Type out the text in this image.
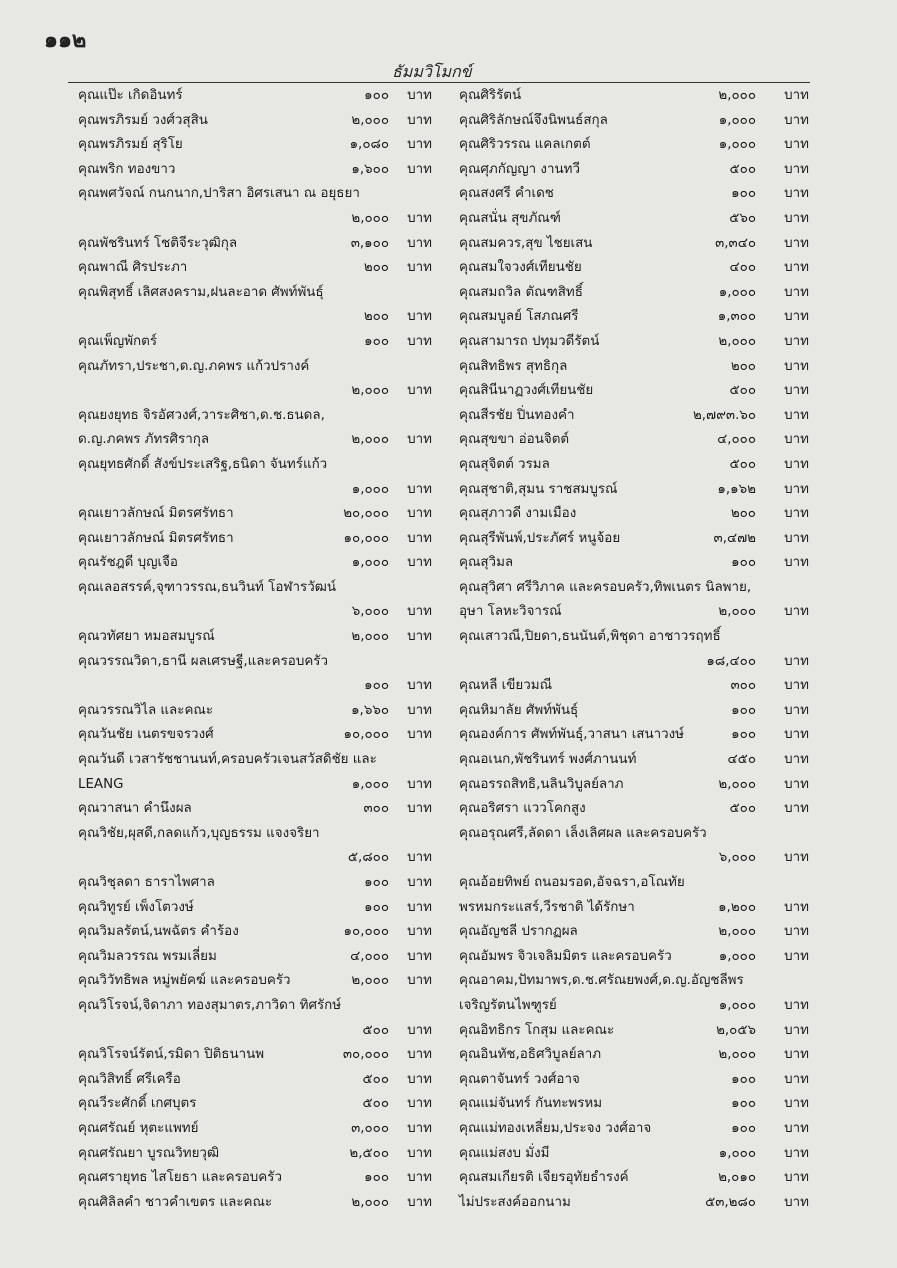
๑๑๒
ธัมมวิโมกข์
คุณแป๊ะ เกิดอินทร์	๑๐๐ บาท
คุณพรภิรมย์ วงศ์วสุสิน	๒,๐๐๐ บาท
คุณพรภิรมย์ สุริโย	๑,๐๘๐ บาท
คุณพริก ทองขาว	๑,๖๐๐ บาท
คุณพศวัจณ์ กนกนาก,ปาริสา อิศรเสนา ณ อยุธยา
๒,๐๐๐ บาท
คุณพัชรินทร์ โชติจีระวุฒิกุล	๓,๑๐๐ บาท
คุณพาณี ศิรประภา	๒๐๐ บาท
คุณพิสุทธิ์ เลิศสงคราม,ฝนละอาด ศัพท์พันธุ์
๒๐๐ บาท
คุณเพ็ญพักตร์	๑๐๐ บาท
คุณภัทรา,ประชา,ด.ญ.ภคพร แก้วปรางค์
๒,๐๐๐ บาท
คุณยงยุทธ จิรอัศวงศ์,วาระศิชา,ด.ช.ธนดล,
ด.ญ.ภคพร ภัทรศิรากุล	๒,๐๐๐ บาท
คุณยุทธศักดิ์ สังข์ประเสริฐ,ธนิดา จันทร์แก้ว
๑,๐๐๐ บาท
คุณเยาวลักษณ์ มิตรศรัทธา	๒๐,๐๐๐ บาท
คุณเยาวลักษณ์ มิตรศรัทธา	๑๐,๐๐๐ บาท
คุณรัชฎดี บุญเจือ	๑,๐๐๐ บาท
คุณเลอสรรค์,จุฑาวรรณ,ธนวินท์ โอฬารวัฒน์
๖,๐๐๐ บาท
คุณวทัศยา หมอสมบูรณ์	๒,๐๐๐ บาท
คุณวรรณวิดา,ธานี ผลเศรษฐี,และครอบครัว
๑๐๐ บาท
คุณวรรณวิไล และคณะ	๑,๖๖๐ บาท
คุณวันชัย เนตรขจรวงศ์	๑๐,๐๐๐ บาท
คุณวันดี เวสารัชชานนท์,ครอบครัวเจนสวัสดิชัย และ
LEANG	๑,๐๐๐ บาท
คุณวาสนา คำนึงผล	๓๐๐ บาท
คุณวิชัย,ผุสดี,กลดแก้ว,บุญธรรม แจงจริยา
๕,๘๐๐ บาท
คุณวิชุลดา ธาราไพศาล	๑๐๐ บาท
คุณวิทูรย์ เพ็งโตวงษ์	๑๐๐ บาท
คุณวิมลรัตน์,นพฉัตร คำร้อง	๑๐,๐๐๐ บาท
คุณวิมลวรรณ พรมเลี่ยม	๔,๐๐๐ บาท
คุณวิวัทธิพล หมู่พยัคฆ์ และครอบครัว	๒,๐๐๐ บาท
คุณวิโรจน์,จิดาภา ทองสุมาตร,ภาวิดา ทิศรักษ์
๕๐๐ บาท
คุณวิโรจน์รัตน์,รมิดา ปิติธนานพ	๓๐,๐๐๐ บาท
คุณวิสิทธิ์ ศรีเครือ	๕๐๐ บาท
คุณวีระศักดิ์ เกศบุตร	๕๐๐ บาท
คุณศรัณย์ หุตะแพทย์	๓,๐๐๐ บาท
คุณศรัณยา บูรณวิทยวุฒิ	๒,๕๐๐ บาท
คุณศรายุทธ ไสโยธา และครอบครัว	๑๐๐ บาท
คุณศิลิลคำ ชาวคำเขตร และคณะ	๒,๐๐๐ บาท
คุณศิริรัตน์	๒,๐๐๐ บาท
คุณศิริลักษณ์จึงนิพนธ์สกุล	๑,๐๐๐ บาท
คุณศิริวรรณ แคลเกตต์	๑,๐๐๐ บาท
คุณศุภกัญญา งานทวี	๕๐๐ บาท
คุณสงศรี คำเดช	๑๐๐ บาท
คุณสนั่น สุขภัณฑ์	๕๖๐ บาท
คุณสมควร,สุข ไชยเสน	๓,๓๔๐ บาท
คุณสมใจวงศ์เทียนชัย	๔๐๐ บาท
คุณสมถวิล ตัณฑสิทธิ์	๑,๐๐๐ บาท
คุณสมบูลย์ โสภณศรี	๑,๓๐๐ บาท
คุณสามารถ ปทุมวดีรัตน์	๒,๐๐๐ บาท
คุณสิทธิพร สุทธิกุล	๒๐๐ บาท
คุณสินีนาฏวงศ์เทียนชัย	๕๐๐ บาท
คุณสีรชัย ปิ่นทองคำ	๒,๗๙๓.๖๐ บาท
คุณสุขขา อ่อนจิตต์	๔,๐๐๐ บาท
คุณสุจิตต์ วรมล	๕๐๐ บาท
คุณสุชาติ,สุมน ราชสมบูรณ์	๑,๑๖๒ บาท
คุณสุภาวดี งามเมือง	๒๐๐ บาท
คุณสุรีพันพ์,ประภัศร์ หนูจ้อย	๓,๔๗๒ บาท
คุณสุวิมล	๑๐๐ บาท
คุณสุวิศา ศรีวิภาค และครอบครัว,ทิพเนตร นิลพาย,
อุษา โลหะวิจารณ์	๒,๐๐๐ บาท
คุณเสาวณี,ปิยดา,ธนนันต์,พิชุดา อาชาวรฤทธิ์
๑๘,๔๐๐ บาท
คุณหลี เขียวมณี	๓๐๐ บาท
คุณหิมาลัย ศัพท์พันธุ์	๑๐๐ บาท
คุณองค์การ ศัพท์พันธุ์,วาสนา เสนาวงษ์	๑๐๐ บาท
คุณอเนก,พัชรินทร์ พงศ์ภานนท์	๔๕๐ บาท
คุณอรรถสิทธิ,นลินวิบูลย์ลาภ	๒,๐๐๐ บาท
คุณอริศรา แววโคกสูง	๕๐๐ บาท
คุณอรุณศรี,ลัดดา เล็งเลิศผล และครอบครัว
๖,๐๐๐ บาท
คุณอ้อยทิพย์ ถนอมรอด,อัจฉรา,อโณทัย
พรหมกระแสร์,วีรชาติ ได้รักษา	๑,๒๐๐ บาท
คุณอัญชลี ปรากฏผล	๒,๐๐๐ บาท
คุณอัมพร จิวเจลิมมิตร และครอบครัว	๑,๐๐๐ บาท
คุณอาคม,ปัทมาพร,ด.ช.ศรัณยพงศ์,ด.ญ.อัญชลีพร
เจริญรัตนไพฑูรย์	๑,๐๐๐ บาท
คุณอิทธิกร โกสุม และคณะ	๒,๐๕๖ บาท
คุณอินทัช,อธิศวิบูลย์ลาภ	๒,๐๐๐ บาท
คุณตาจันทร์ วงศ์อาจ	๑๐๐ บาท
คุณแม่จันทร์ กันทะพรหม	๑๐๐ บาท
คุณแม่ทองเหลี่ยม,ประจง วงศ์อาจ	๑๐๐ บาท
คุณแม่สงบ มั่งมี	๑,๐๐๐ บาท
คุณสมเกียรติ เจียรอุทัยธำรงค์	๒,๐๑๐ บาท
ไม่ประสงค์ออกนาม	๕๓,๒๘๐ บาท
